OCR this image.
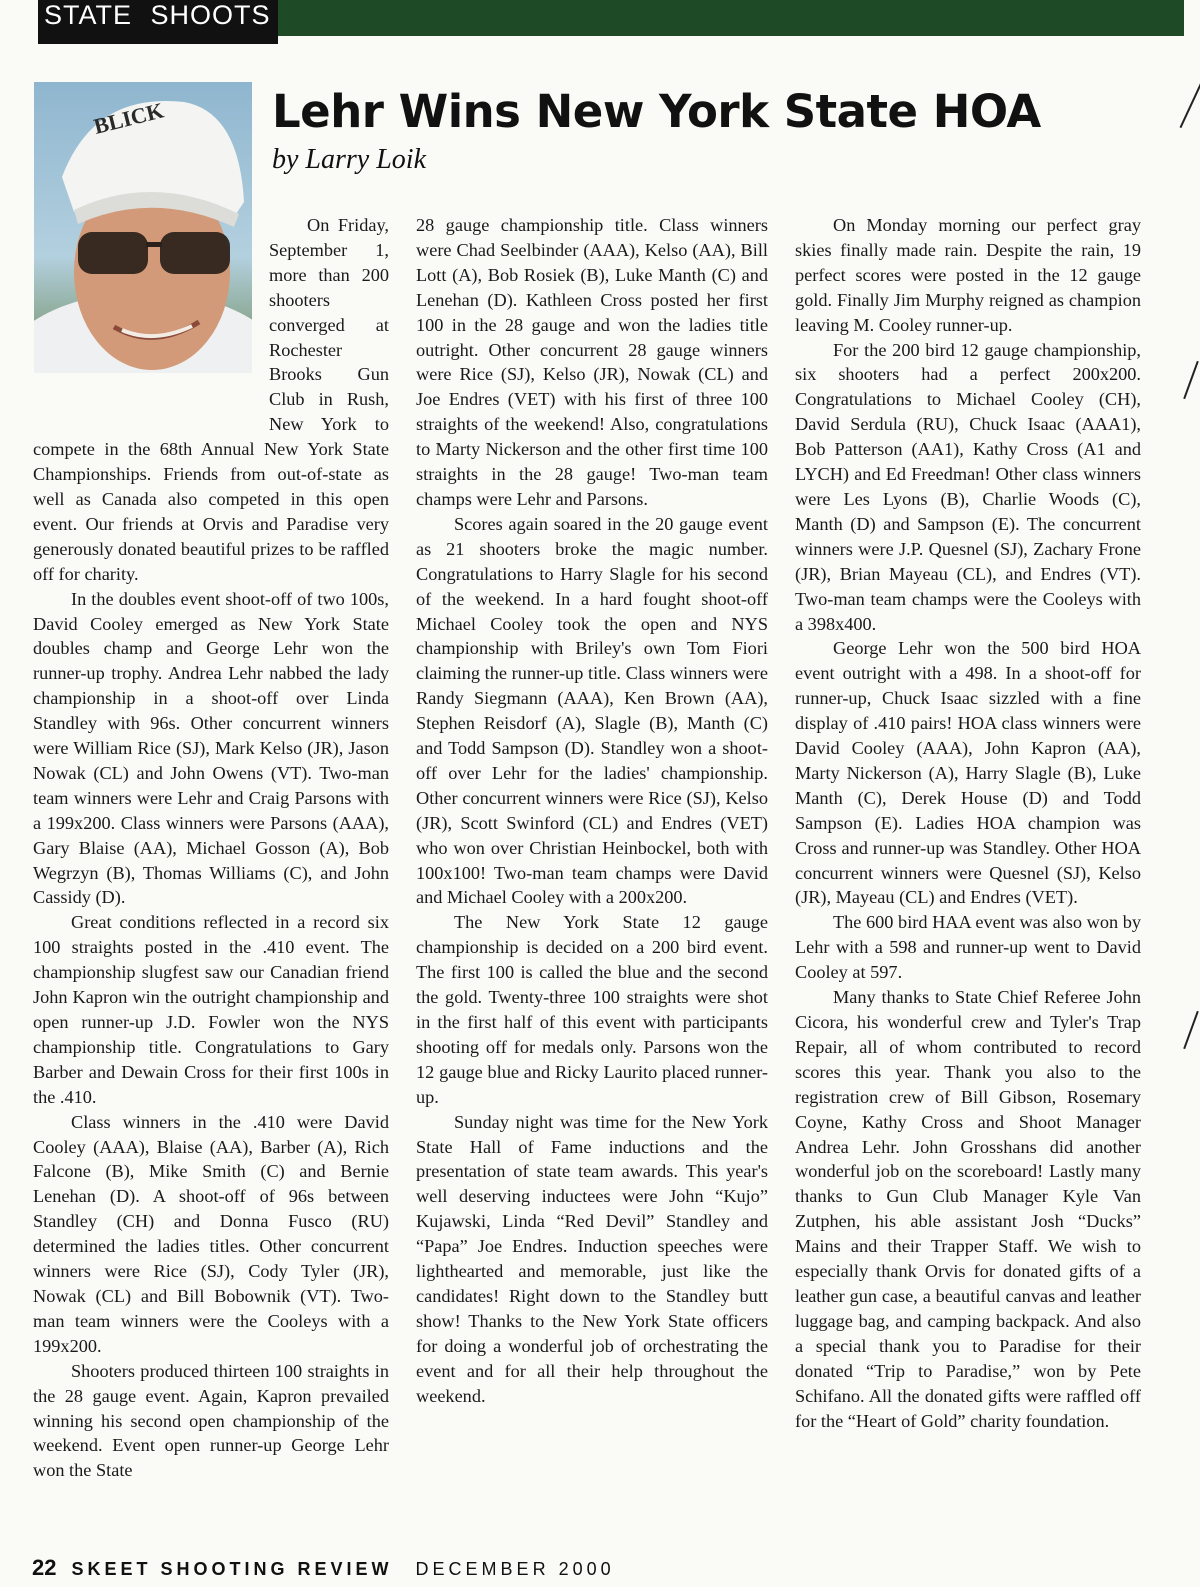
STATE SHOOTS
BLICK Lehr Wins New York State HOA
by Larry Loik

On Friday, September 1, more than 200 shooters converged at Rochester Brooks Gun Club in Rush, New York to compete in the 68th Annual New York State Championships. Friends from out-of-state as well as Canada also competed in this open event. Our friends at Orvis and Paradise very generously donated beautiful prizes to be raffled off for charity.

In the doubles event shoot-off of two 100s, David Cooley emerged as New York State doubles champ and George Lehr won the runner-up trophy. Andrea Lehr nabbed the lady championship in a shoot-off over Linda Standley with 96s. Other concurrent winners were William Rice (SJ), Mark Kelso (JR), Jason Nowak (CL) and John Owens (VT). Two-man team winners were Lehr and Craig Parsons with a 199x200. Class winners were Parsons (AAA), Gary Blaise (AA), Michael Gosson (A), Bob Wegrzyn (B), Thomas Williams (C), and John Cassidy (D).

Great conditions reflected in a record six 100 straights posted in the .410 event. The championship slugfest saw our Canadian friend John Kapron win the outright championship and open runner-up J.D. Fowler won the NYS championship title. Congratulations to Gary Barber and Dewain Cross for their first 100s in the .410.

Class winners in the .410 were David Cooley (AAA), Blaise (AA), Barber (A), Rich Falcone (B), Mike Smith (C) and Bernie Lenehan (D). A shoot-off of 96s between Standley (CH) and Donna Fusco (RU) determined the ladies titles. Other concurrent winners were Rice (SJ), Cody Tyler (JR), Nowak (CL) and Bill Bobownik (VT). Two-man team winners were the Cooleys with a 199x200.

Shooters produced thirteen 100 straights in the 28 gauge event. Again, Kapron prevailed winning his second open championship of the weekend. Event open runner-up George Lehr won the State

28 gauge championship title. Class winners were Chad Seelbinder (AAA), Kelso (AA), Bill Lott (A), Bob Rosiek (B), Luke Manth (C) and Lenehan (D). Kathleen Cross posted her first 100 in the 28 gauge and won the ladies title outright. Other concurrent 28 gauge winners were Rice (SJ), Kelso (JR), Nowak (CL) and Joe Endres (VET) with his first of three 100 straights of the weekend! Also, congratulations to Marty Nickerson and the other first time 100 straights in the 28 gauge! Two-man team champs were Lehr and Parsons.

Scores again soared in the 20 gauge event as 21 shooters broke the magic number. Congratulations to Harry Slagle for his second of the weekend. In a hard fought shoot-off Michael Cooley took the open and NYS championship with Briley's own Tom Fiori claiming the runner-up title. Class winners were Randy Siegmann (AAA), Ken Brown (AA), Stephen Reisdorf (A), Slagle (B), Manth (C) and Todd Sampson (D). Standley won a shoot-off over Lehr for the ladies' championship. Other concurrent winners were Rice (SJ), Kelso (JR), Scott Swinford (CL) and Endres (VET) who won over Christian Heinbockel, both with 100x100! Two-man team champs were David and Michael Cooley with a 200x200.

The New York State 12 gauge championship is decided on a 200 bird event. The first 100 is called the blue and the second the gold. Twenty-three 100 straights were shot in the first half of this event with participants shooting off for medals only. Parsons won the 12 gauge blue and Ricky Laurito placed runner-up.

Sunday night was time for the New York State Hall of Fame inductions and the presentation of state team awards. This year's well deserving inductees were John “Kujo” Kujawski, Linda “Red Devil” Standley and “Papa” Joe Endres. Induction speeches were lighthearted and memorable, just like the candidates! Right down to the Standley butt show! Thanks to the New York State officers for doing a wonderful job of orchestrating the event and for all their help throughout the weekend.

On Monday morning our perfect gray skies finally made rain. Despite the rain, 19 perfect scores were posted in the 12 gauge gold. Finally Jim Murphy reigned as champion leaving M. Cooley runner-up.

For the 200 bird 12 gauge championship, six shooters had a perfect 200x200. Congratulations to Michael Cooley (CH), David Serdula (RU), Chuck Isaac (AAA1), Bob Patterson (AA1), Kathy Cross (A1 and LYCH) and Ed Freedman! Other class winners were Les Lyons (B), Charlie Woods (C), Manth (D) and Sampson (E). The concurrent winners were J.P. Quesnel (SJ), Zachary Frone (JR), Brian Mayeau (CL), and Endres (VT). Two-man team champs were the Cooleys with a 398x400.

George Lehr won the 500 bird HOA event outright with a 498. In a shoot-off for runner-up, Chuck Isaac sizzled with a fine display of .410 pairs! HOA class winners were David Cooley (AAA), John Kapron (AA), Marty Nickerson (A), Harry Slagle (B), Luke Manth (C), Derek House (D) and Todd Sampson (E). Ladies HOA champion was Cross and runner-up was Standley. Other HOA concurrent winners were Quesnel (SJ), Kelso (JR), Mayeau (CL) and Endres (VET).

The 600 bird HAA event was also won by Lehr with a 598 and runner-up went to David Cooley at 597.

Many thanks to State Chief Referee John Cicora, his wonderful crew and Tyler's Trap Repair, all of whom contributed to record scores this year. Thank you also to the registration crew of Bill Gibson, Rosemary Coyne, Kathy Cross and Shoot Manager Andrea Lehr. John Grosshans did another wonderful job on the scoreboard! Lastly many thanks to Gun Club Manager Kyle Van Zutphen, his able assistant Josh “Ducks” Mains and their Trapper Staff. We wish to especially thank Orvis for donated gifts of a leather gun case, a beautiful canvas and leather luggage bag, and camping backpack. And also a special thank you to Paradise for their donated “Trip to Paradise,” won by Pete Schifano. All the donated gifts were raffled off for the “Heart of Gold” charity foundation.

22 SKEET SHOOTING REVIEW DECEMBER 2000
